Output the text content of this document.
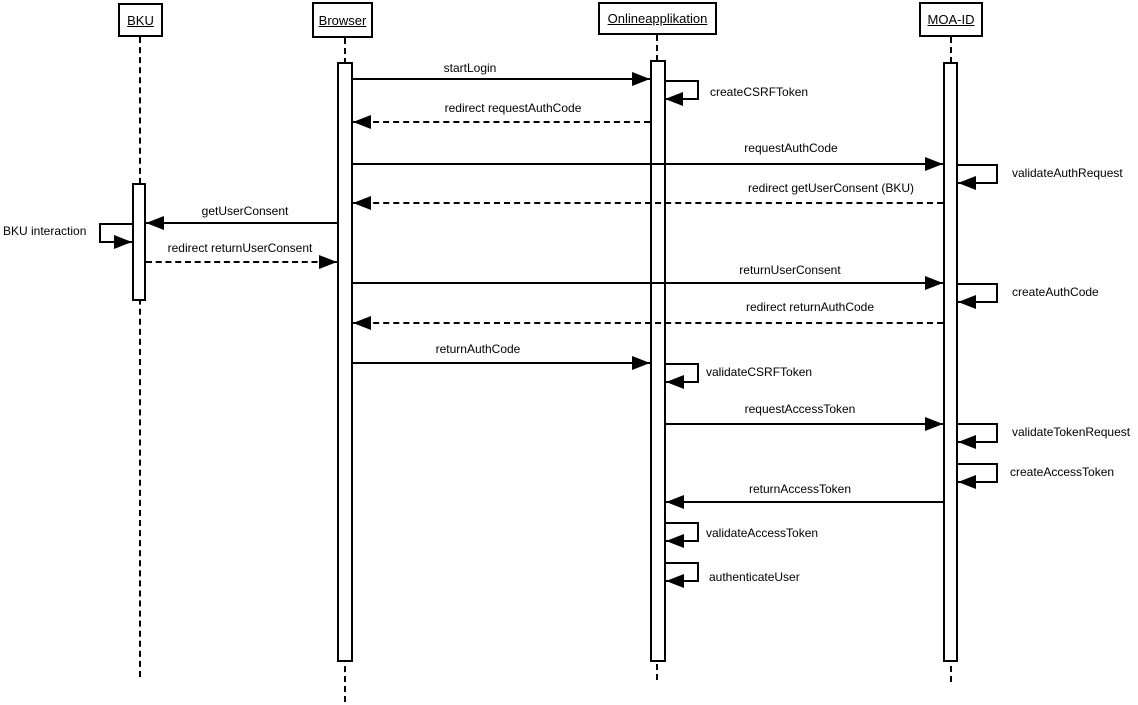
BKU	Browser	Onlineapplikation	MOA-ID
startLogin
createCSRFToken
redirect requestAuthCode
requestAuthCode
validateAuthRequest
redirect getUserConsent (BKU)
getUserConsent
BKU interaction
redirect returnUserConsent
returnUserConsent
createAuthCode
redirect returnAuthCode
returnAuthCode
validateCSRFToken
requestAccessToken
validateTokenRequest
createAccessToken
returnAccessToken
validateAccessToken
authenticateUser
